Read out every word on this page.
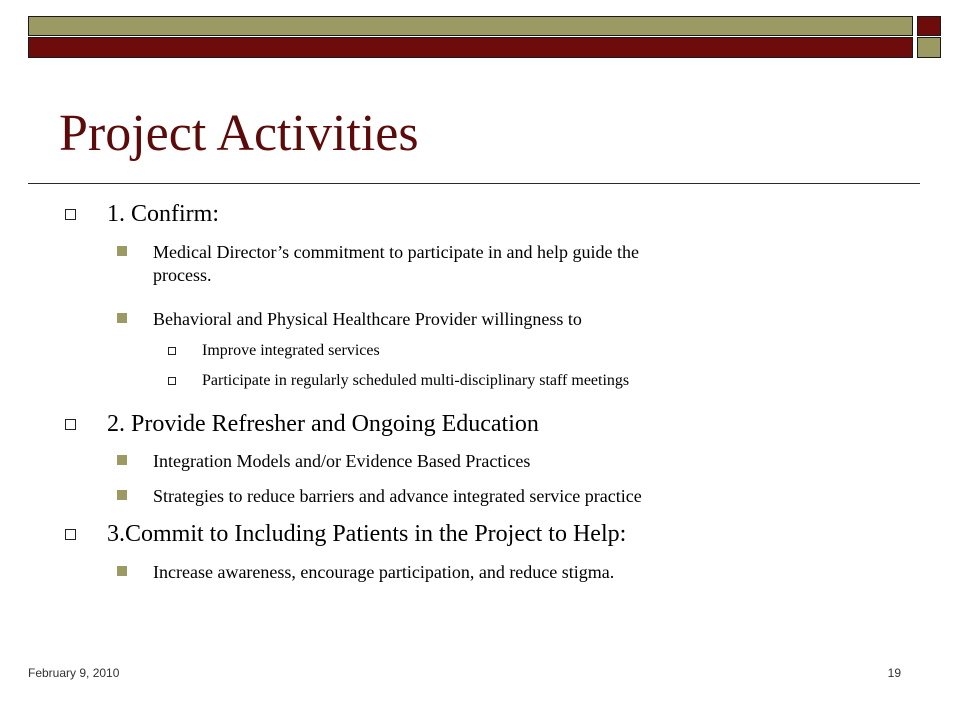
Project Activities
1. Confirm:
Medical Director’s commitment to participate in and help guide the
process.
Behavioral and Physical Healthcare Provider willingness to
Improve integrated services
Participate in regularly scheduled multi-disciplinary staff meetings
2. Provide Refresher and Ongoing Education
Integration Models and/or Evidence Based Practices
Strategies to reduce barriers and advance integrated service practice
3.Commit to Including Patients in the Project to Help:
Increase awareness, encourage participation, and reduce stigma.
February 9, 2010	19
